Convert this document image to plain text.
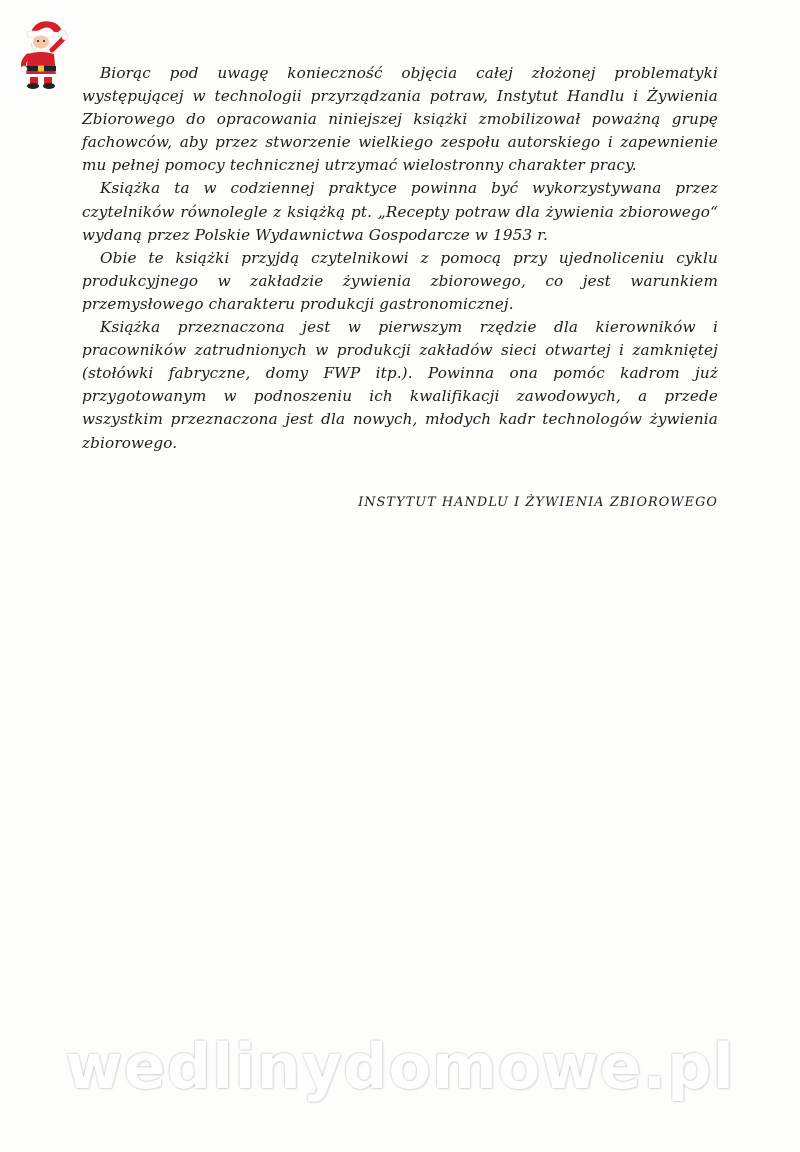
Biorąc pod uwagę konieczność objęcia całej złożonej problematyki występującej w technologii przyrządzania potraw, Instytut Handlu i Żywienia Zbiorowego do opracowania niniejszej książki zmobilizował poważną grupę fachowców, aby przez stworzenie wielkiego zespołu autorskiego i zapewnienie mu pełnej pomocy technicznej utrzymać wielostronny charakter pracy.

Książka ta w codziennej praktyce powinna być wykorzystywana przez czytelników równolegle z książką pt. „Recepty potraw dla żywienia zbiorowego“ wydaną przez Polskie Wydawnictwa Gospodarcze w 1953 r.

Obie te książki przyjdą czytelnikowi z pomocą przy ujednoliceniu cyklu produkcyjnego w zakładzie żywienia zbiorowego, co jest warunkiem przemysłowego charakteru produkcji gastronomicznej.

Książka przeznaczona jest w pierwszym rzędzie dla kierowników i pracowników zatrudnionych w produkcji zakładów sieci otwartej i zamkniętej (stołówki fabryczne, domy FWP itp.). Powinna ona pomóc kadrom już przygotowanym w podnoszeniu ich kwalifikacji zawodowych, a przede wszystkim przeznaczona jest dla nowych, młodych kadr technologów żywienia zbiorowego.

INSTYTUT HANDLU I ŻYWIENIA ZBIOROWEGO
wedlinydomowe.pl
